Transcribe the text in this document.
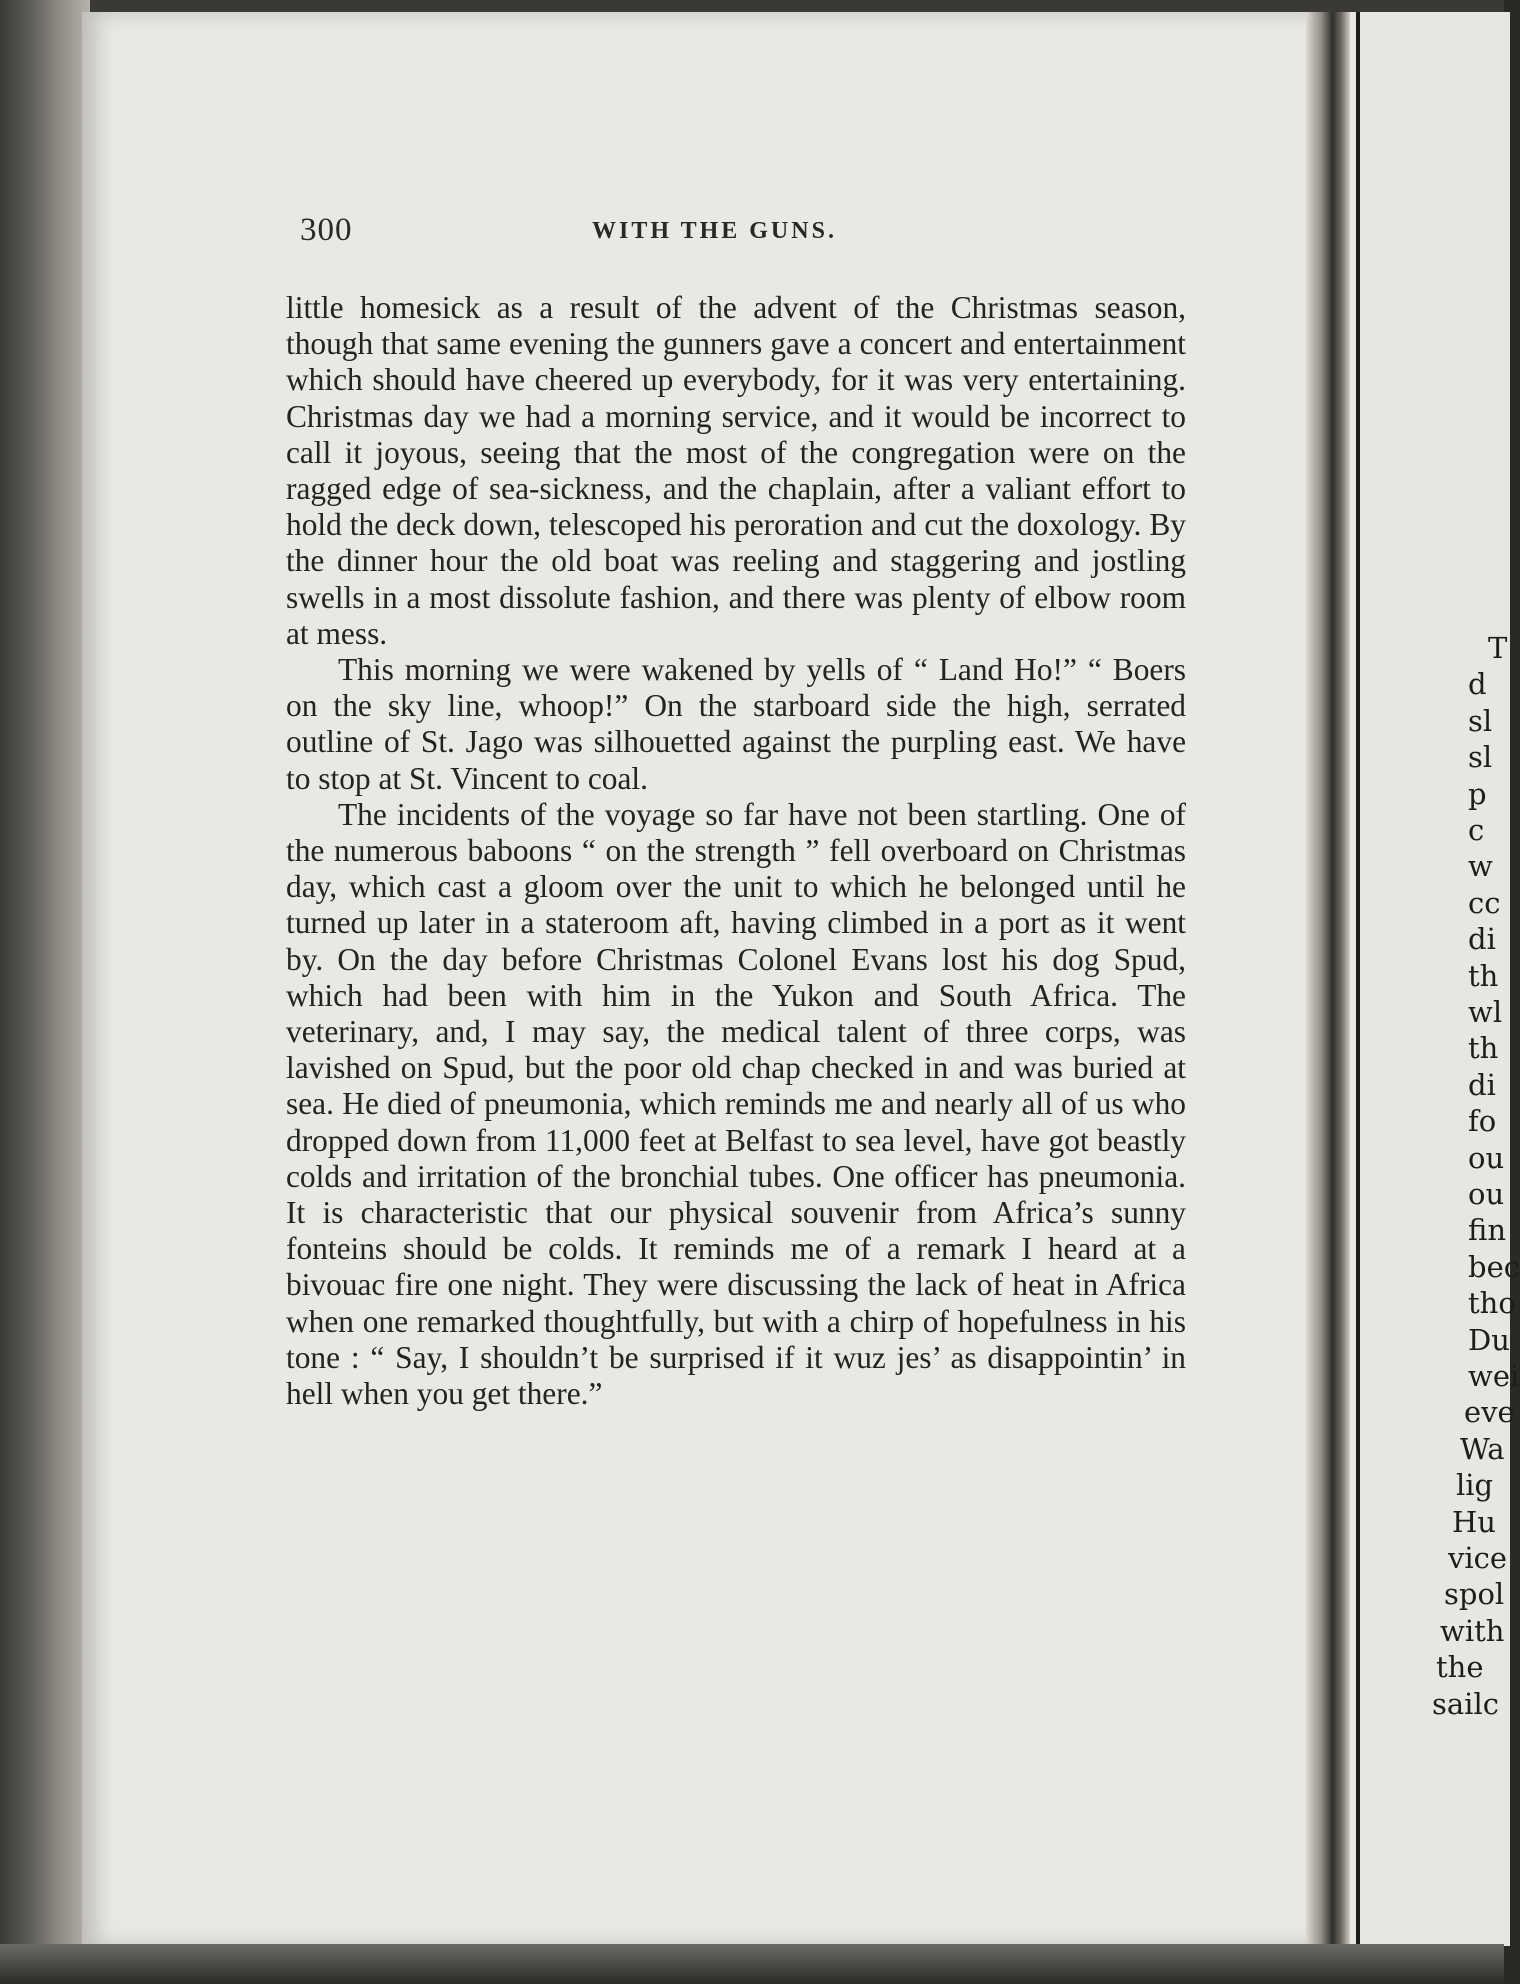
T
d
sl
sl
p
c
w
cc
di
th
wl
th
di
fo
ou
ou
fin
bec
tho
Du
wei
eve
Wa
lig
Hu
vice
spol
with
the
sailc
300	WITH THE GUNS.

little homesick as a result of the advent of the Christmas season, though that same evening the gunners gave a concert and entertainment which should have cheered up everybody, for it was very entertaining. Christmas day we had a morning service, and it would be incorrect to call it joyous, seeing that the most of the congregation were on the ragged edge of sea-sickness, and the chaplain, after a valiant effort to hold the deck down, telescoped his peroration and cut the doxology. By the dinner hour the old boat was reeling and staggering and jostling swells in a most dissolute fashion, and there was plenty of elbow room at mess.

This morning we were wakened by yells of “ Land Ho!” “ Boers on the sky line, whoop!” On the starboard side the high, serrated outline of St. Jago was silhouetted against the purpling east. We have to stop at St. Vincent to coal.

The incidents of the voyage so far have not been startling. One of the numerous baboons “ on the strength ” fell overboard on Christmas day, which cast a gloom over the unit to which he belonged until he turned up later in a stateroom aft, having climbed in a port as it went by. On the day before Christmas Colonel Evans lost his dog Spud, which had been with him in the Yukon and South Africa. The veterinary, and, I may say, the medical talent of three corps, was lavished on Spud, but the poor old chap checked in and was buried at sea. He died of pneumonia, which reminds me and nearly all of us who dropped down from 11,000 feet at Belfast to sea level, have got beastly colds and irritation of the bronchial tubes. One officer has pneumonia. It is characteristic that our physical souvenir from Africa’s sunny fonteins should be colds. It reminds me of a remark I heard at a bivouac fire one night. They were discussing the lack of heat in Africa when one remarked thoughtfully, but with a chirp of hopefulness in his tone : “ Say, I shouldn’t be surprised if it wuz jes’ as disappointin’ in hell when you get there.”
